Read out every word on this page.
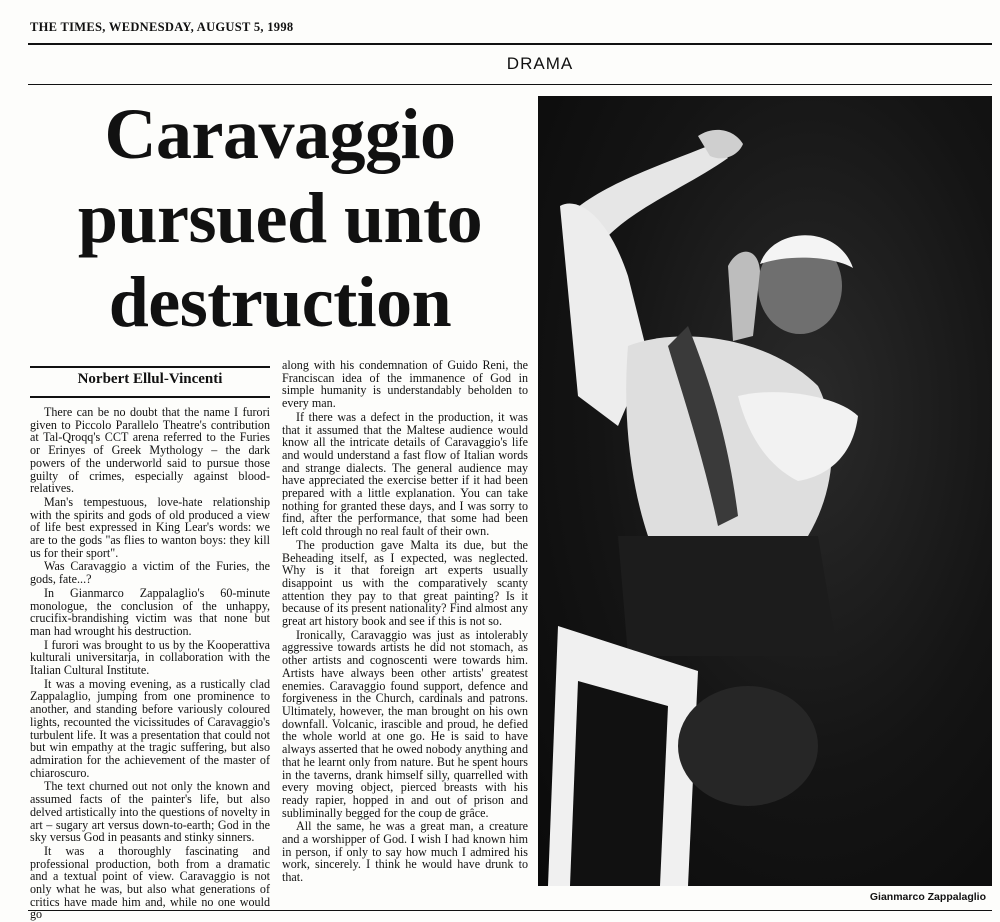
THE TIMES, WEDNESDAY, AUGUST 5, 1998
DRAMA
Caravaggio
pursued unto
destruction
Norbert Ellul-Vincenti

There can be no doubt that the name I furori given to Piccolo Parallelo Theatre's contribution at Tal-Qroqq's CCT arena referred to the Furies or Erinyes of Greek Mythology – the dark powers of the underworld said to pursue those guilty of crimes, especially against blood-relatives.

Man's tempestuous, love-hate relationship with the spirits and gods of old produced a view of life best expressed in King Lear's words: we are to the gods "as flies to wanton boys: they kill us for their sport".

Was Caravaggio a victim of the Furies, the gods, fate...?

In Gianmarco Zappalaglio's 60-minute monologue, the conclusion of the unhappy, crucifix-brandishing victim was that none but man had wrought his destruction.

I furori was brought to us by the Kooperattiva kulturali universitarja, in collaboration with the Italian Cultural Institute.

It was a moving evening, as a rustically clad Zappalaglio, jumping from one prominence to another, and standing before variously coloured lights, recounted the vicissitudes of Caravaggio's turbulent life. It was a presentation that could not but win empathy at the tragic suffering, but also admiration for the achievement of the master of chiaroscuro.

The text churned out not only the known and assumed facts of the painter's life, but also delved artistically into the questions of novelty in art – sugary art versus down-to-earth; God in the sky versus God in peasants and stinky sinners.

It was a thoroughly fascinating and professional production, both from a dramatic and a textual point of view. Caravaggio is not only what he was, but also what generations of critics have made him and, while no one would go

along with his condemnation of Guido Reni, the Franciscan idea of the immanence of God in simple humanity is understandably beholden to every man.

If there was a defect in the production, it was that it assumed that the Maltese audience would know all the intricate details of Caravaggio's life and would understand a fast flow of Italian words and strange dialects. The general audience may have appreciated the exercise better if it had been prepared with a little explanation. You can take nothing for granted these days, and I was sorry to find, after the performance, that some had been left cold through no real fault of their own.

The production gave Malta its due, but the Beheading itself, as I expected, was neglected. Why is it that foreign art experts usually disappoint us with the comparatively scanty attention they pay to that great painting? Is it because of its present nationality? Find almost any great art history book and see if this is not so.

Ironically, Caravaggio was just as intolerably aggressive towards artists he did not stomach, as other artists and cognoscenti were towards him. Artists have always been other artists' greatest enemies. Caravaggio found support, defence and forgiveness in the Church, cardinals and patrons. Ultimately, however, the man brought on his own downfall. Volcanic, irascible and proud, he defied the whole world at one go. He is said to have always asserted that he owed nobody anything and that he learnt only from nature. But he spent hours in the taverns, drank himself silly, quarrelled with every moving object, pierced breasts with his ready rapier, hopped in and out of prison and subliminally begged for the coup de grâce.

All the same, he was a great man, a creature and a worshipper of God. I wish I had known him in person, if only to say how much I admired his work, sincerely. I think he would have drunk to that.

Gianmarco Zappalaglio
